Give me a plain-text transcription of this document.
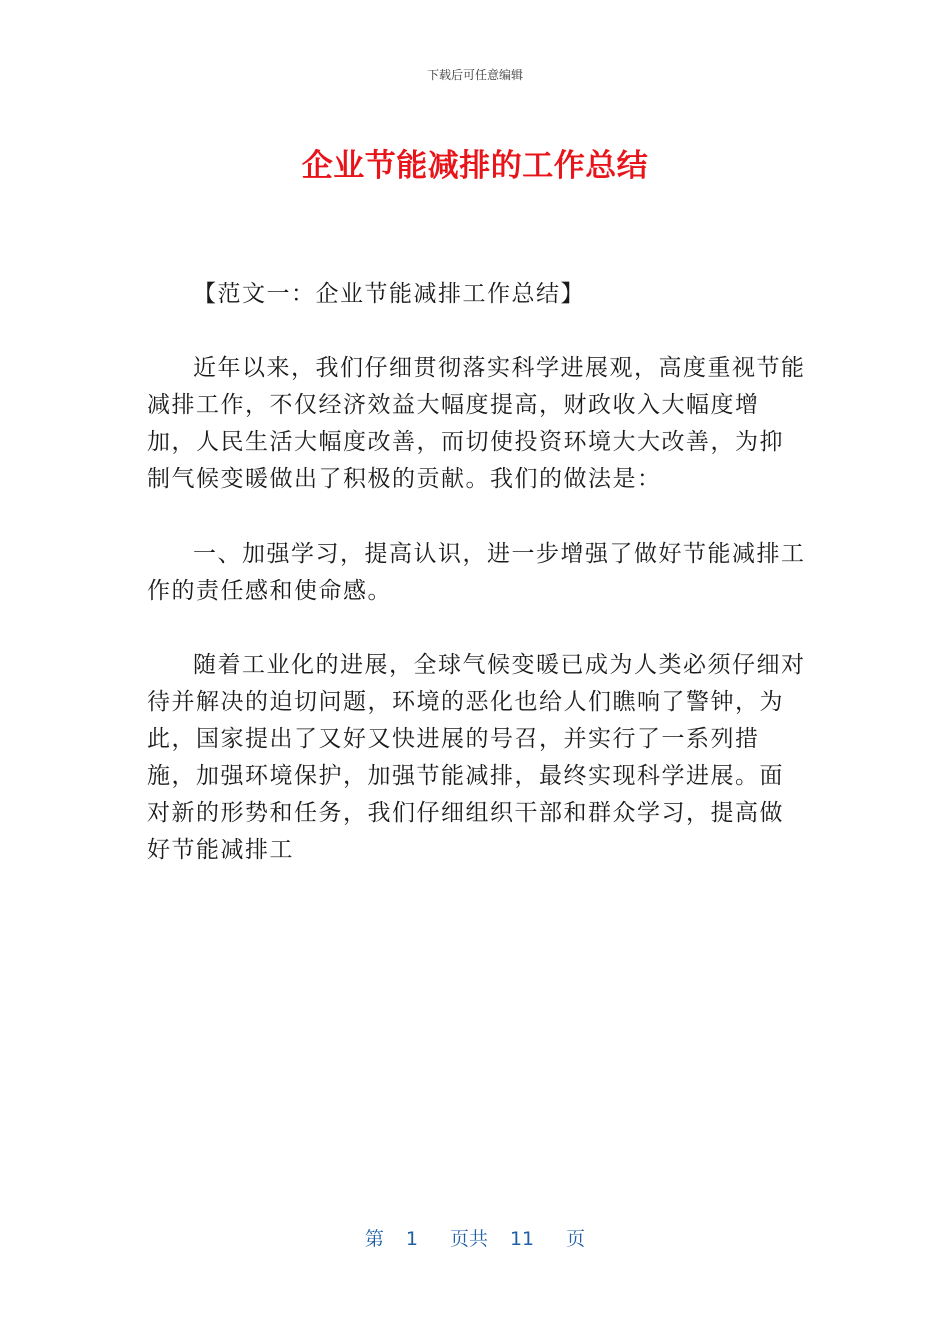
下载后可任意编辑
企业节能减排的工作总结

【范文一：企业节能减排工作总结】

近年以来，我们仔细贯彻落实科学进展观，高度重视节能减排工作，不仅经济效益大幅度提高，财政收入大幅度增加，人民生活大幅度改善，而切使投资环境大大改善，为抑制气候变暖做出了积极的贡献。我们的做法是：

一、加强学习，提高认识，进一步增强了做好节能减排工作的责任感和使命感。

随着工业化的进展，全球气候变暖已成为人类必须仔细对待并解决的迫切问题，环境的恶化也给人们瞧响了警钟，为此，国家提出了又好又快进展的号召，并实行了一系列措施，加强环境保护，加强节能减排，最终实现科学进展。面对新的形势和任务，我们仔细组织干部和群众学习，提高做好节能减排工

第 1 页共 11 页
